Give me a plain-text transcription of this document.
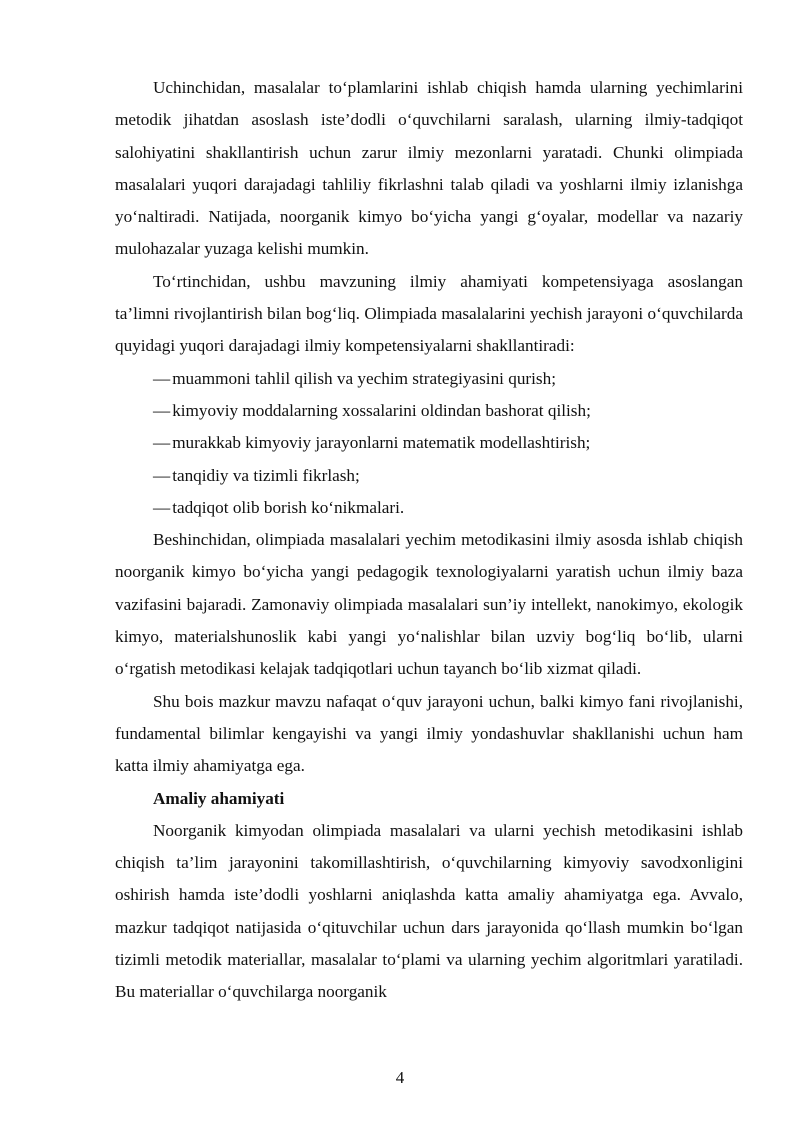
Uchinchidan, masalalar to‘plamlarini ishlab chiqish hamda ularning yechimlarini metodik jihatdan asoslash iste’dodli o‘quvchilarni saralash, ularning ilmiy-tadqiqot salohiyatini shakllantirish uchun zarur ilmiy mezonlarni yaratadi. Chunki olimpiada masalalari yuqori darajadagi tahliliy fikrlashni talab qiladi va yoshlarni ilmiy izlanishga yo‘naltiradi. Natijada, noorganik kimyo bo‘yicha yangi g‘oyalar, modellar va nazariy mulohazalar yuzaga kelishi mumkin.

To‘rtinchidan, ushbu mavzuning ilmiy ahamiyati kompetensiyaga asoslangan ta’limni rivojlantirish bilan bog‘liq. Olimpiada masalalarini yechish jarayoni o‘quvchilarda quyidagi yuqori darajadagi ilmiy kompetensiyalarni shakllantiradi:

— muammoni tahlil qilish va yechim strategiyasini qurish;

— kimyoviy moddalarning xossalarini oldindan bashorat qilish;

— murakkab kimyoviy jarayonlarni matematik modellashtirish;

— tanqidiy va tizimli fikrlash;

— tadqiqot olib borish ko‘nikmalari.

Beshinchidan, olimpiada masalalari yechim metodikasini ilmiy asosda ishlab chiqish noorganik kimyo bo‘yicha yangi pedagogik texnologiyalarni yaratish uchun ilmiy baza vazifasini bajaradi. Zamonaviy olimpiada masalalari sun’iy intellekt, nanokimyo, ekologik kimyo, materialshunoslik kabi yangi yo‘nalishlar bilan uzviy bog‘liq bo‘lib, ularni o‘rgatish metodikasi kelajak tadqiqotlari uchun tayanch bo‘lib xizmat qiladi.

Shu bois mazkur mavzu nafaqat o‘quv jarayoni uchun, balki kimyo fani rivojlanishi, fundamental bilimlar kengayishi va yangi ilmiy yondashuvlar shakllanishi uchun ham katta ilmiy ahamiyatga ega.

Amaliy ahamiyati

Noorganik kimyodan olimpiada masalalari va ularni yechish metodikasini ishlab chiqish ta’lim jarayonini takomillashtirish, o‘quvchilarning kimyoviy savodxonligini oshirish hamda iste’dodli yoshlarni aniqlashda katta amaliy ahamiyatga ega. Avvalo, mazkur tadqiqot natijasida o‘qituvchilar uchun dars jarayonida qo‘llash mumkin bo‘lgan tizimli metodik materiallar, masalalar to‘plami va ularning yechim algoritmlari yaratiladi. Bu materiallar o‘quvchilarga noorganik

4
